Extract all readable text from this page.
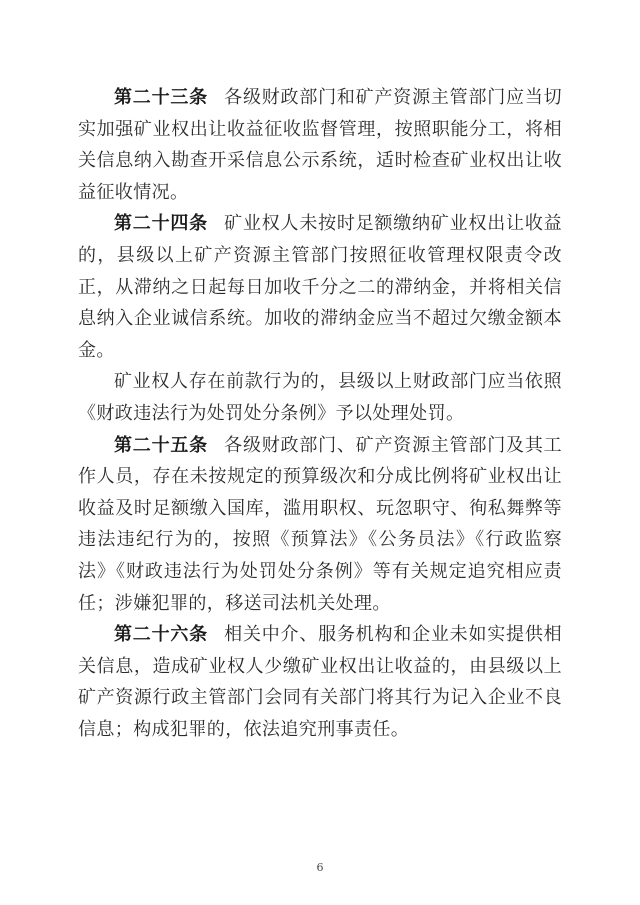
第二十三条 各级财政部门和矿产资源主管部门应当切实加强矿业权出让收益征收监督管理，按照职能分工，将相关信息纳入勘查开采信息公示系统，适时检查矿业权出让收益征收情况。

第二十四条 矿业权人未按时足额缴纳矿业权出让收益的，县级以上矿产资源主管部门按照征收管理权限责令改正，从滞纳之日起每日加收千分之二的滞纳金，并将相关信息纳入企业诚信系统。加收的滞纳金应当不超过欠缴金额本金。

矿业权人存在前款行为的，县级以上财政部门应当依照《财政违法行为处罚处分条例》予以处理处罚。

第二十五条 各级财政部门、矿产资源主管部门及其工作人员，存在未按规定的预算级次和分成比例将矿业权出让收益及时足额缴入国库，滥用职权、玩忽职守、徇私舞弊等违法违纪行为的，按照《预算法》《公务员法》《行政监察法》《财政违法行为处罚处分条例》等有关规定追究相应责任；涉嫌犯罪的，移送司法机关处理。

第二十六条 相关中介、服务机构和企业未如实提供相关信息，造成矿业权人少缴矿业权出让收益的，由县级以上矿产资源行政主管部门会同有关部门将其行为记入企业不良信息；构成犯罪的，依法追究刑事责任。

6
